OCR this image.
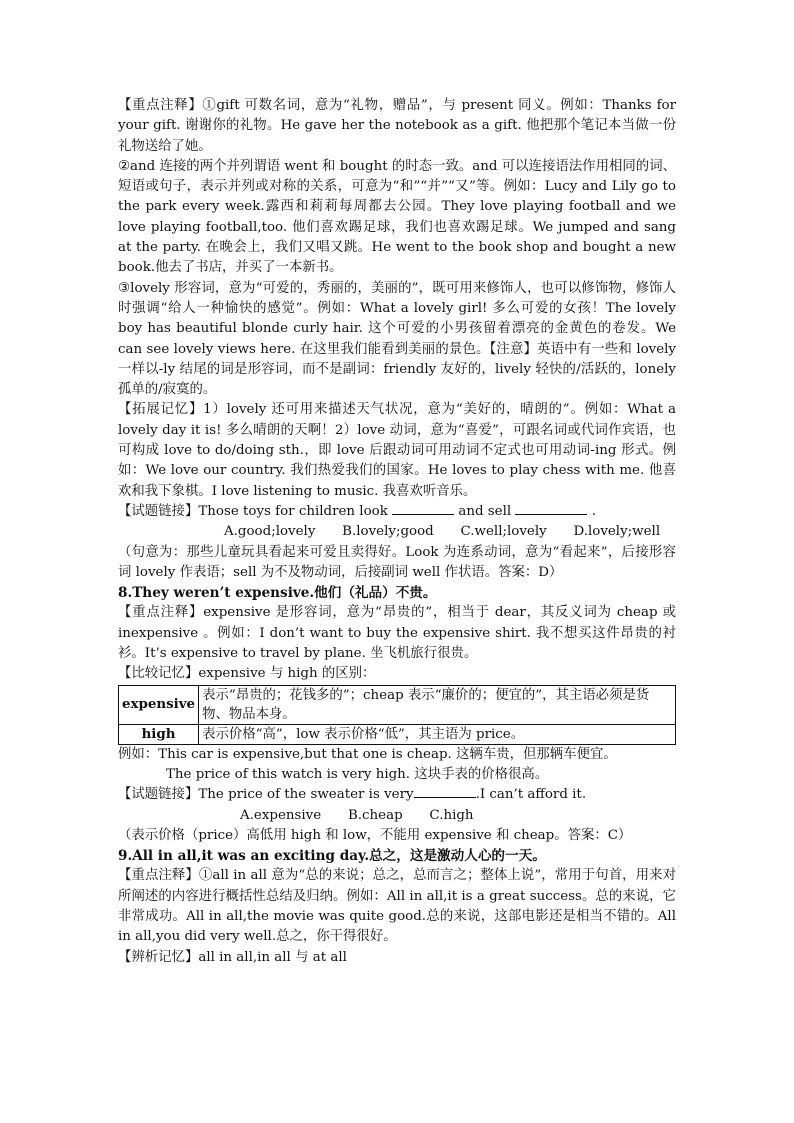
【重点注释】①gift 可数名词，意为“礼物，赠品”，与 present 同义。例如：Thanks for your gift. 谢谢你的礼物。He gave her the notebook as a gift. 他把那个笔记本当做一份礼物送给了她。

②and 连接的两个并列谓语 went 和 bought 的时态一致。and 可以连接语法作用相同的词、短语或句子，表示并列或对称的关系，可意为“和”“并”“又”等。例如：Lucy and Lily go to the park every week.露西和莉莉每周都去公园。They love playing football and we love playing football,too. 他们喜欢踢足球，我们也喜欢踢足球。We jumped and sang at the party. 在晚会上，我们又唱又跳。He went to the book shop and bought a new book.他去了书店，并买了一本新书。

③lovely 形容词，意为“可爱的，秀丽的，美丽的”，既可用来修饰人，也可以修饰物，修饰人时强调“给人一种愉快的感觉”。例如：What a lovely girl! 多么可爱的女孩！The lovely boy has beautiful blonde curly hair. 这个可爱的小男孩留着漂亮的金黄色的卷发。We can see lovely views here. 在这里我们能看到美丽的景色。【注意】英语中有一些和 lovely 一样以-ly 结尾的词是形容词，而不是副词：friendly 友好的，lively 轻快的/活跃的，lonely 孤单的/寂寞的。

【拓展记忆】1）lovely 还可用来描述天气状况，意为“美好的，晴朗的”。例如：What a lovely day it is! 多么晴朗的天啊！2）love 动词，意为“喜爱”，可跟名词或代词作宾语，也可构成 love to do/doing sth.，即 love 后跟动词可用动词不定式也可用动词-ing 形式。例如：We love our country. 我们热爱我们的国家。He loves to play chess with me. 他喜欢和我下象棋。I love listening to music. 我喜欢听音乐。

【试题链接】Those toys for children look	and sell	.

A.good;lovely　　B.lovely;good　　C.well;lovely　　D.lovely;well

（句意为：那些儿童玩具看起来可爱且卖得好。Look 为连系动词，意为“看起来”，后接形容词 lovely 作表语；sell 为不及物动词，后接副词 well 作状语。答案：D）

8.They weren’t expensive.他们（礼品）不贵。

【重点注释】expensive 是形容词，意为“昂贵的”，相当于 dear，其反义词为 cheap 或 inexpensive 。例如：I don’t want to buy the expensive shirt. 我不想买这件昂贵的衬衫。It’s expensive to travel by plane. 坐飞机旅行很贵。

【比较记忆】expensive 与 high 的区别：

expensive	表示“昂贵的；花钱多的”；cheap 表示“廉价的；便宜的”，其主语必须是货物、物品本身。
high	表示价格“高”，low 表示价格“低”，其主语为 price。

例如：This car is expensive,but that one is cheap. 这辆车贵，但那辆车便宜。

The price of this watch is very high. 这块手表的价格很高。

【试题链接】The price of the sweater is very	.I can’t afford it.

A.expensive　　B.cheap　　C.high

（表示价格（price）高低用 high 和 low，不能用 expensive 和 cheap。答案：C）

9.All in all,it was an exciting day.总之，这是激动人心的一天。

【重点注释】①all in all 意为“总的来说；总之，总而言之；整体上说”，常用于句首，用来对所阐述的内容进行概括性总结及归纳。例如：All in all,it is a great success。总的来说，它非常成功。All in all,the movie was quite good.总的来说，这部电影还是相当不错的。All in all,you did very well.总之，你干得很好。

【辨析记忆】all in all,in all 与 at all
